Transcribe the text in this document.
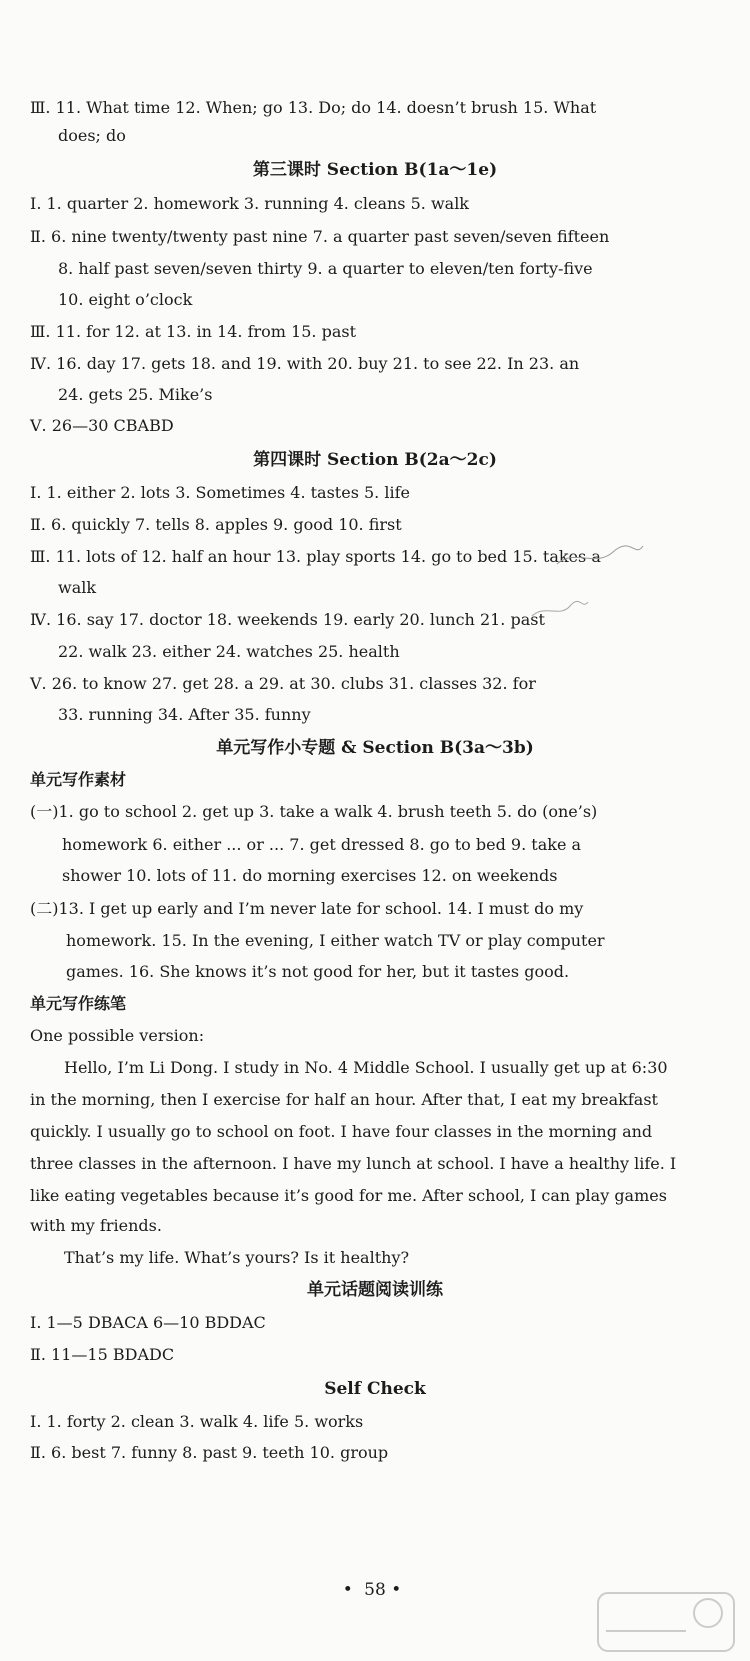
Ⅲ. 11. What time 12. When; go 13. Do; do 14. doesn’t brush 15. What
does; do
第三课时 Section B(1a～1e)
Ⅰ. 1. quarter 2. homework 3. running 4. cleans 5. walk
Ⅱ. 6. nine twenty/twenty past nine 7. a quarter past seven/seven fifteen
8. half past seven/seven thirty 9. a quarter to eleven/ten forty-five
10. eight o’clock
Ⅲ. 11. for 12. at 13. in 14. from 15. past
Ⅳ. 16. day 17. gets 18. and 19. with 20. buy 21. to see 22. In 23. an
24. gets 25. Mike’s
Ⅴ. 26—30 CBABD
第四课时 Section B(2a～2c)
Ⅰ. 1. either 2. lots 3. Sometimes 4. tastes 5. life
Ⅱ. 6. quickly 7. tells 8. apples 9. good 10. first
Ⅲ. 11. lots of 12. half an hour 13. play sports 14. go to bed 15. takes a
walk
Ⅳ. 16. say 17. doctor 18. weekends 19. early 20. lunch 21. past
22. walk 23. either 24. watches 25. health
Ⅴ. 26. to know 27. get 28. a 29. at 30. clubs 31. classes 32. for
33. running 34. After 35. funny
单元写作小专题 & Section B(3a～3b)
单元写作素材
(一)1. go to school 2. get up 3. take a walk 4. brush teeth 5. do (one’s)
homework 6. either ... or ... 7. get dressed 8. go to bed 9. take a
shower 10. lots of 11. do morning exercises 12. on weekends
(二)13. I get up early and I’m never late for school. 14. I must do my
homework. 15. In the evening, I either watch TV or play computer
games. 16. She knows it’s not good for her, but it tastes good.
单元写作练笔
One possible version:
Hello, I’m Li Dong. I study in No. 4 Middle School. I usually get up at 6:30
in the morning, then I exercise for half an hour. After that, I eat my breakfast
quickly. I usually go to school on foot. I have four classes in the morning and
three classes in the afternoon. I have my lunch at school. I have a healthy life. I
like eating vegetables because it’s good for me. After school, I can play games
with my friends.
That’s my life. What’s yours? Is it healthy?
单元话题阅读训练
Ⅰ. 1—5 DBACA 6—10 BDDAC
Ⅱ. 11—15 BDADC
Self Check
Ⅰ. 1. forty 2. clean 3. walk 4. life 5. works
Ⅱ. 6. best 7. funny 8. past 9. teeth 10. group
• 58 •
